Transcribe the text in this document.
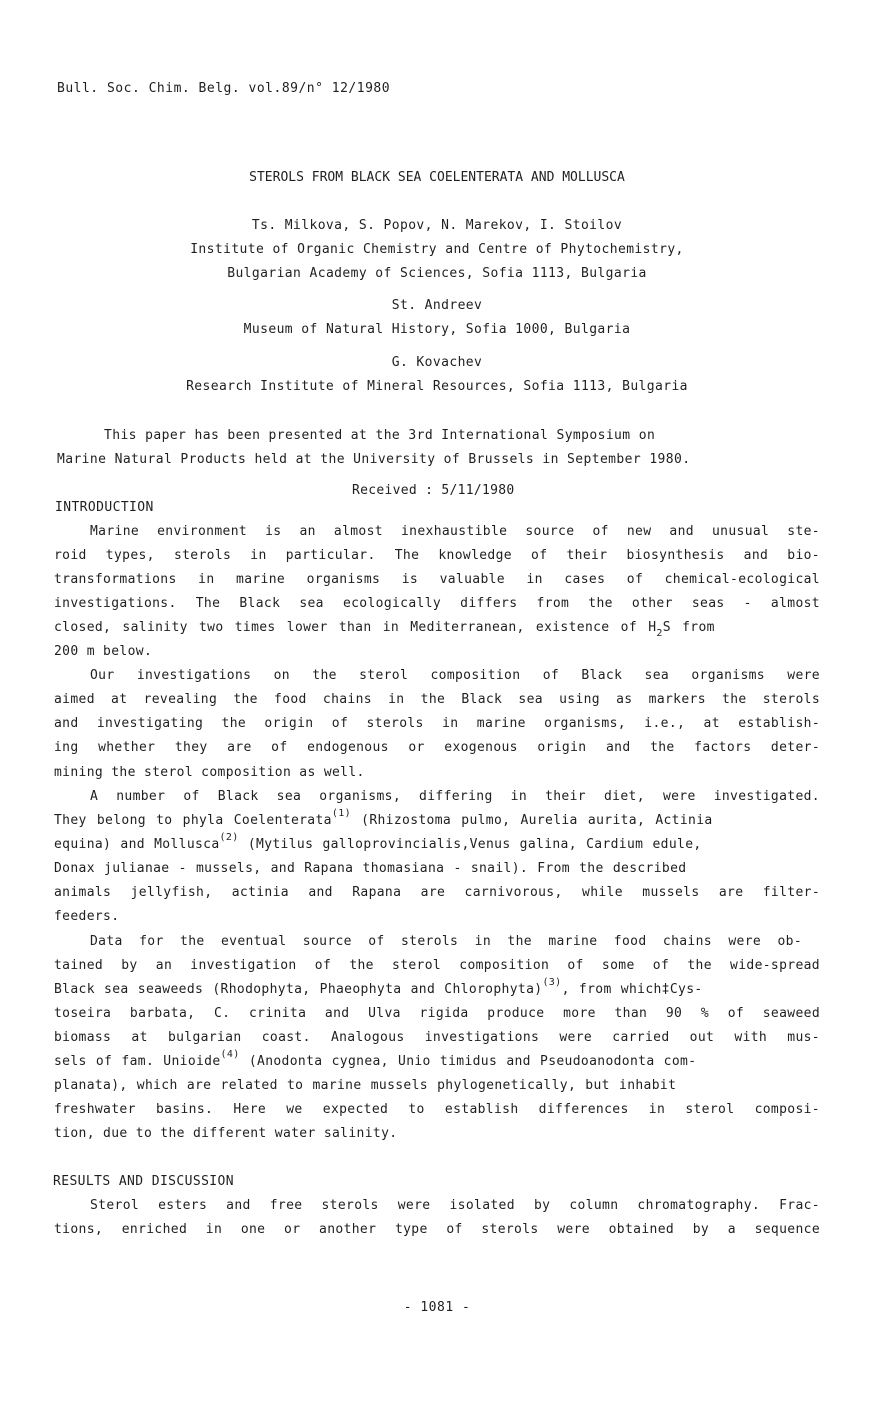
Bull. Soc. Chim. Belg. vol.89/n° 12/1980
STEROLS FROM BLACK SEA COELENTERATA AND MOLLUSCA
Ts. Milkova, S. Popov, N. Marekov, I. Stoilov
Institute of Organic Chemistry and Centre of Phytochemistry,
Bulgarian Academy of Sciences, Sofia 1113, Bulgaria
St. Andreev
Museum of Natural History, Sofia 1000, Bulgaria
G. Kovachev
Research Institute of Mineral Resources, Sofia 1113, Bulgaria
This paper has been presented at the 3rd International Symposium on
Marine Natural Products held at the University of Brussels in September 1980.
Received : 5/11/1980
INTRODUCTION
Marine environment is an almost inexhaustible source of new and unusual ste-
roid types, sterols in particular. The knowledge of their biosynthesis and bio-
transformations in marine organisms is valuable in cases of chemical-ecological
investigations. The Black sea ecologically differs from the other seas - almost
closed, salinity two times lower than in Mediterranean, existence of $H_2S$ from
200 m below.
Our investigations on the sterol composition of Black sea organisms were
aimed at revealing the food chains in the Black sea using as markers the sterols
and investigating the origin of sterols in marine organisms, i.e., at establish-
ing whether they are of endogenous or exogenous origin and the factors deter-
mining the sterol composition as well.
A number of Black sea organisms, differing in their diet, were investigated.
They belong to phyla Coelenterata$^{(1)}$ (Rhizostoma pulmo, Aurelia aurita, Actinia
equina) and Mollusca$^{(2)}$ (Mytilus galloprovincialis,Venus galina, Cardium edule,
Donax julianae - mussels, and Rapana thomasiana - snail). From the described
animals jellyfish, actinia and Rapana are carnivorous, while mussels are filter-
feeders.
Data for the eventual source of sterols in the marine food chains were ob-
tained by an investigation of the sterol composition of some of the wide-spread
Black sea seaweeds (Rhodophyta, Phaeophyta and Chlorophyta)$^{(3)}$, from which‡Cys-
toseira barbata, C. crinita and Ulva rigida produce more than 90 % of seaweed
biomass at bulgarian coast. Analogous investigations were carried out with mus-
sels of fam. Unioide$^{(4)}$ (Anodonta cygnea, Unio timidus and Pseudoanodonta com-
planata), which are related to marine mussels phylogenetically, but inhabit
freshwater basins. Here we expected to establish differences in sterol composi-
tion, due to the different water salinity.
RESULTS AND DISCUSSION
Sterol esters and free sterols were isolated by column chromatography. Frac-
tions, enriched in one or another type of sterols were obtained by a sequence
- 1081 -
